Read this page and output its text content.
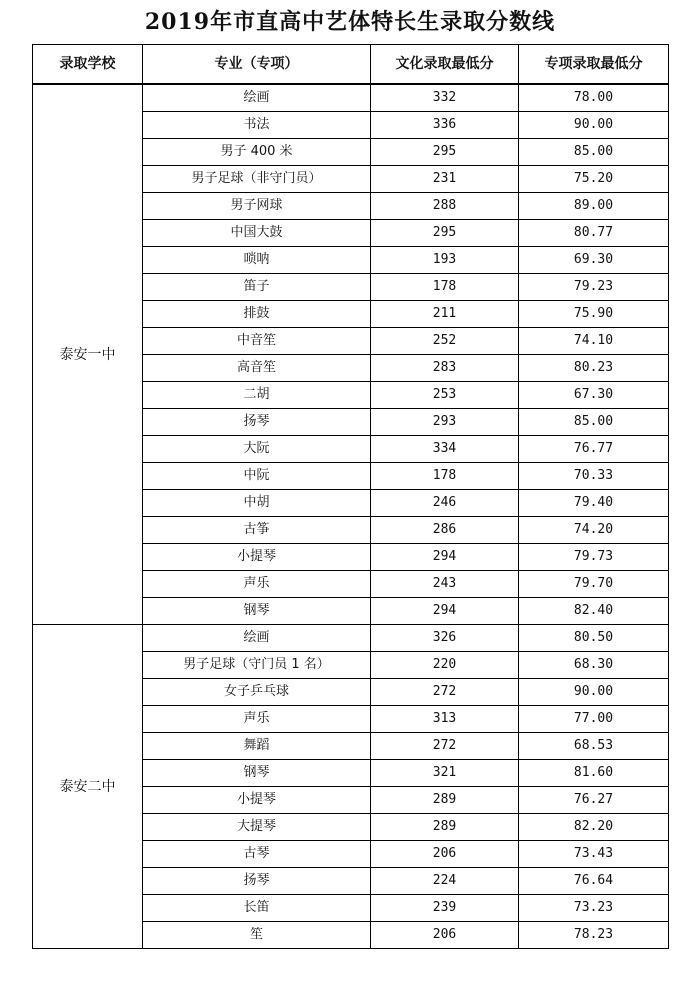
2019年市直高中艺体特长生录取分数线
录取学校	专业（专项）	文化录取最低分	专项录取最低分
泰安一中	绘画	332	78.00
	书法	336	90.00
	男子 400 米	295	85.00
	男子足球（非守门员）	231	75.20
	男子网球	288	89.00
	中国大鼓	295	80.77
	唢呐	193	69.30
	笛子	178	79.23
	排鼓	211	75.90
	中音笙	252	74.10
	高音笙	283	80.23
	二胡	253	67.30
	扬琴	293	85.00
	大阮	334	76.77
	中阮	178	70.33
	中胡	246	79.40
	古筝	286	74.20
	小提琴	294	79.73
	声乐	243	79.70
	钢琴	294	82.40
泰安二中	绘画	326	80.50
	男子足球（守门员 1 名）	220	68.30
	女子乒乓球	272	90.00
	声乐	313	77.00
	舞蹈	272	68.53
	钢琴	321	81.60
	小提琴	289	76.27
	大提琴	289	82.20
	古琴	206	73.43
	扬琴	224	76.64
	长笛	239	73.23
	笙	206	78.23
